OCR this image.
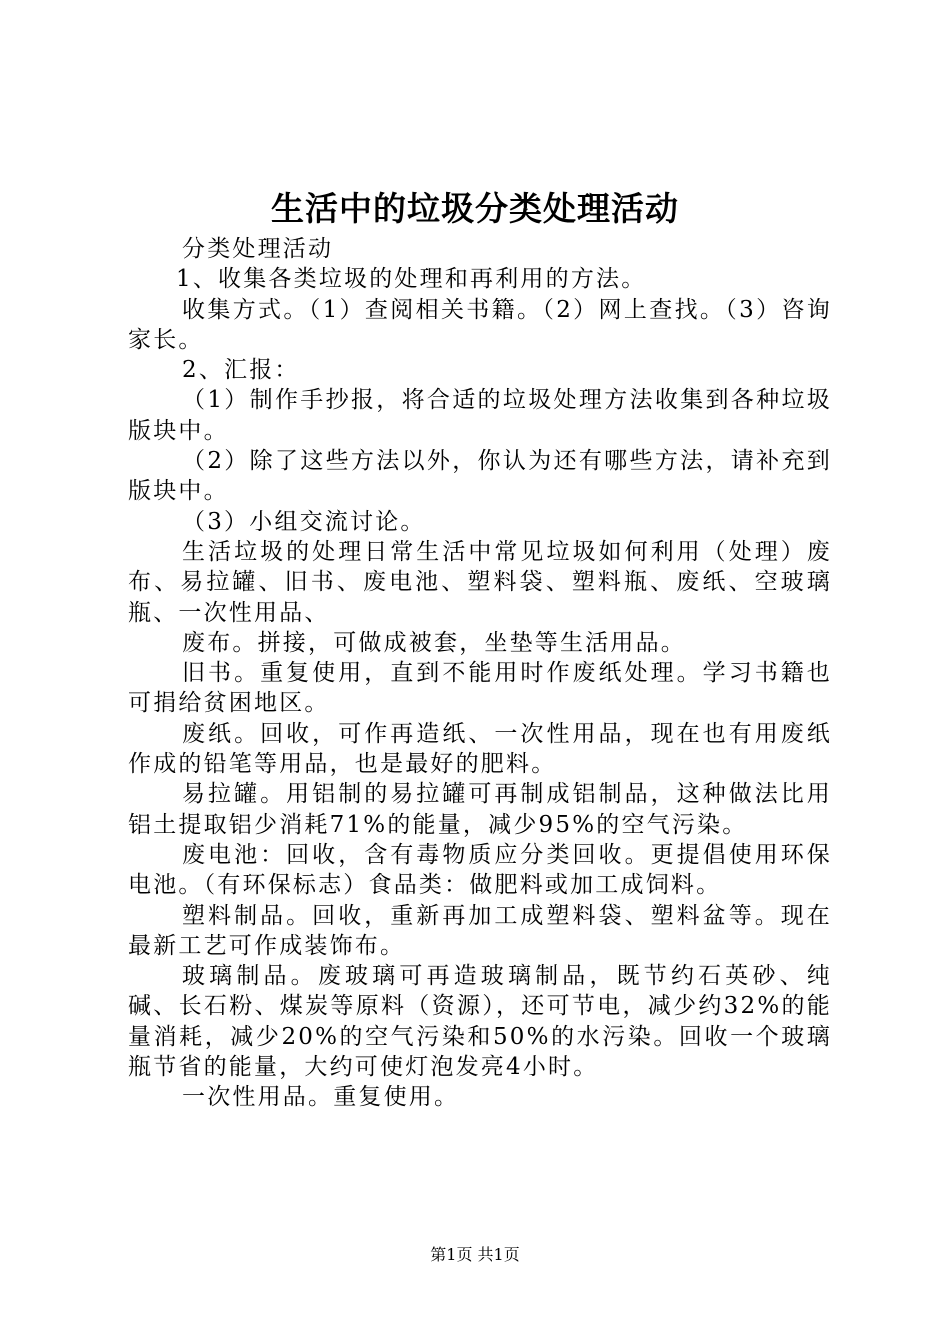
生活中的垃圾分类处理活动

分类处理活动

1、收集各类垃圾的处理和再利用的方法。

收集方式。（1）查阅相关书籍。（2）网上查找。（3）咨询家长。

2、汇报：

（1）制作手抄报，将合适的垃圾处理方法收集到各种垃圾版块中。

（2）除了这些方法以外，你认为还有哪些方法，请补充到版块中。

（3）小组交流讨论。

生活垃圾的处理日常生活中常见垃圾如何利用（处理）废布、易拉罐、旧书、废电池、塑料袋、塑料瓶、废纸、空玻璃瓶、一次性用品、

废布。拼接，可做成被套，坐垫等生活用品。

旧书。重复使用，直到不能用时作废纸处理。学习书籍也可捐给贫困地区。

废纸。回收，可作再造纸、一次性用品，现在也有用废纸作成的铅笔等用品，也是最好的肥料。

易拉罐。用铝制的易拉罐可再制成铝制品，这种做法比用铝土提取铝少消耗71%的能量，减少95%的空气污染。

废电池：回收，含有毒物质应分类回收。更提倡使用环保电池。（有环保标志）食品类：做肥料或加工成饲料。

塑料制品。回收，重新再加工成塑料袋、塑料盆等。现在最新工艺可作成装饰布。

玻璃制品。废玻璃可再造玻璃制品，既节约石英砂、纯碱、长石粉、煤炭等原料（资源），还可节电，减少约32%的能量消耗，减少20%的空气污染和50%的水污染。回收一个玻璃瓶节省的能量，大约可使灯泡发亮4小时。

一次性用品。重复使用。

第1页 共1页
